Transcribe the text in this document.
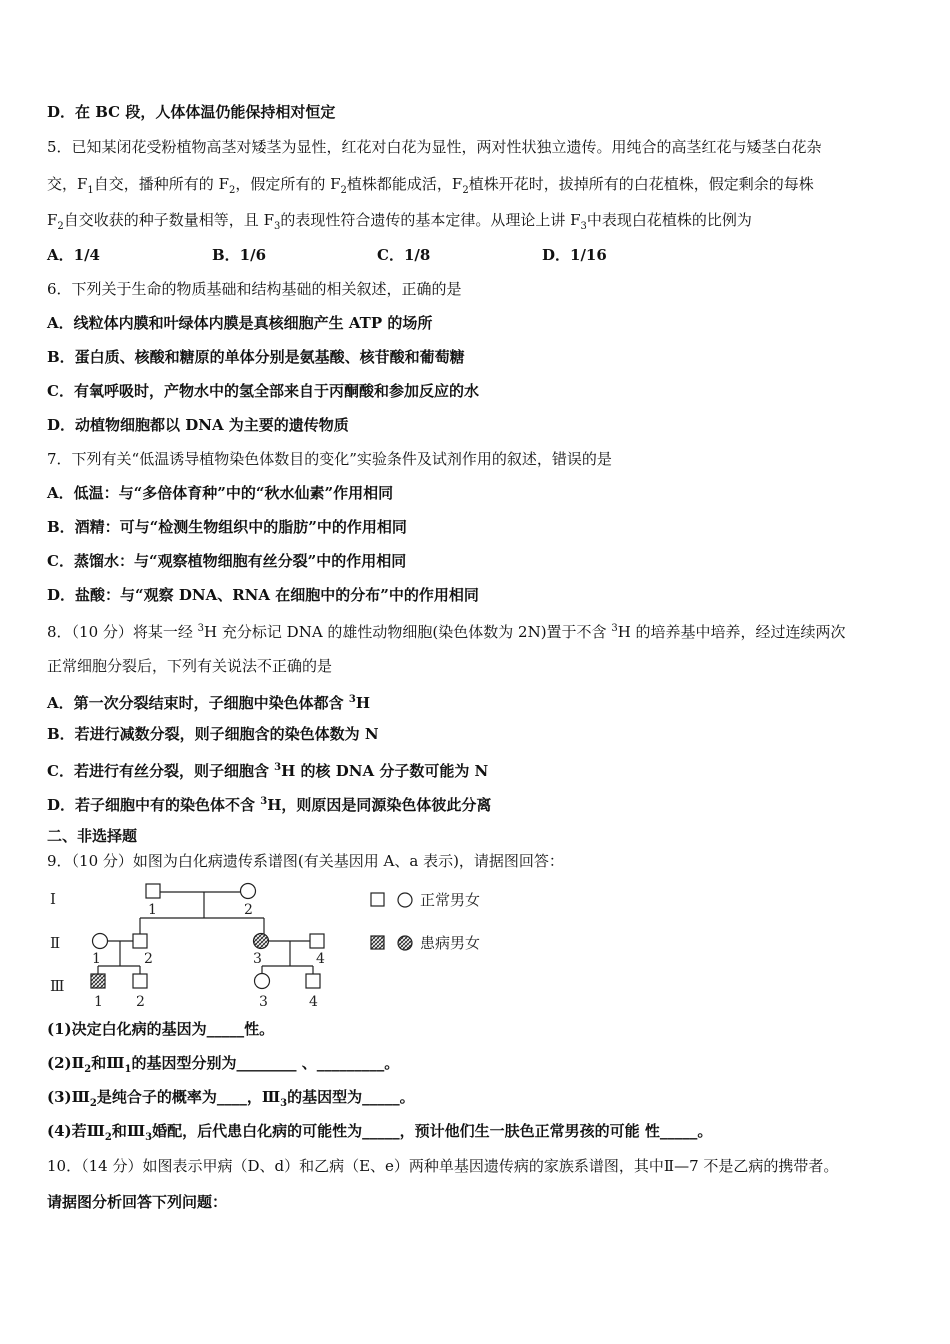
D．在 BC 段，人体体温仍能保持相对恒定
5．已知某闭花受粉植物高茎对矮茎为显性，红花对白花为显性，两对性状独立遗传。用纯合的高茎红花与矮茎白花杂
交，$F_1$自交，播种所有的 $F_2$，假定所有的 $F_2$植株都能成活，$F_2$植株开花时，拔掉所有的白花植株，假定剩余的每株
$F_2$自交收获的种子数量相等，且 $F_3$的表现性符合遗传的基本定律。从理论上讲 $F_3$中表现白花植株的比例为
A．1/4	B．1/6	C．1/8	D．1/16
6．下列关于生命的物质基础和结构基础的相关叙述，正确的是
A．线粒体内膜和叶绿体内膜是真核细胞产生 ATP 的场所
B．蛋白质、核酸和糖原的单体分别是氨基酸、核苷酸和葡萄糖
C．有氧呼吸时，产物水中的氢全部来自于丙酮酸和参加反应的水
D．动植物细胞都以 DNA 为主要的遗传物质
7．下列有关“低温诱导植物染色体数目的变化”实验条件及试剂作用的叙述，错误的是
A．低温：与“多倍体育种”中的“秋水仙素”作用相同
B．酒精：可与“检测生物组织中的脂肪”中的作用相同
C．蒸馏水：与“观察植物细胞有丝分裂”中的作用相同
D．盐酸：与“观察 DNA、RNA 在细胞中的分布”中的作用相同
8．（10 分）将某一经 $^3$H 充分标记 DNA 的雄性动物细胞(染色体数为 2N)置于不含 $^3$H 的培养基中培养，经过连续两次
正常细胞分裂后，下列有关说法不正确的是
A．第一次分裂结束时，子细胞中染色体都含 $^3$H
B．若进行减数分裂，则子细胞含的染色体数为 N
C．若进行有丝分裂，则子细胞含 $^3$H 的核 DNA 分子数可能为 N
D．若子细胞中有的染色体不含 $^3$H，则原因是同源染色体彼此分离
二、非选择题
9．（10 分）如图为白化病遗传系谱图(有关基因用 A、a 表示)，请据图回答：
Ⅰ
Ⅱ
Ⅲ
1	2
1	2	3	4
1 2	3	4
正常男女
患病男女
(1)决定白化病的基因为_____性。
$(2)Ⅱ_2$和$Ⅲ_1$的基因型分别为________ 、_________。
$(3)Ⅲ_2$是纯合子的概率为____，$Ⅲ_3$的基因型为_____。
(4)若$Ⅲ_2$和$Ⅲ_3$婚配，后代患白化病的可能性为_____，预计他们生一肤色正常男孩的可能 性_____。
10．（14 分）如图表示甲病（D、d）和乙病（E、e）两种单基因遗传病的家族系谱图，其中Ⅱ—7 不是乙病的携带者。
请据图分析回答下列问题：
